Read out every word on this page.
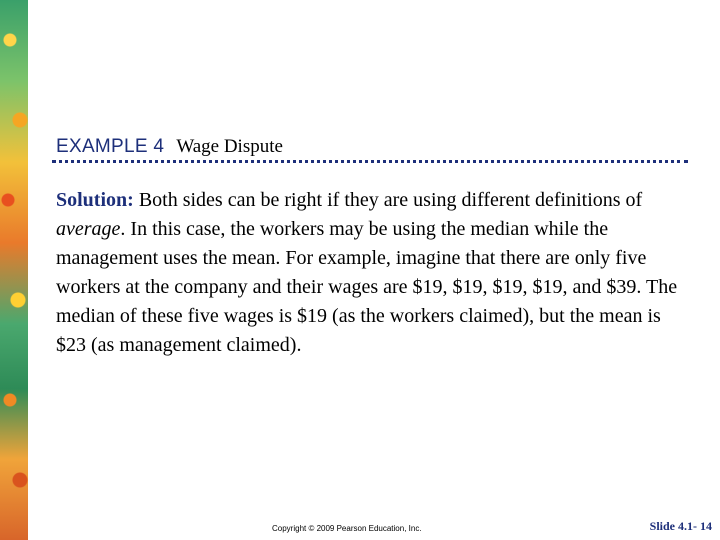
EXAMPLE 4 Wage Dispute
Solution: Both sides can be right if they are using different definitions of average. In this case, the workers may be using the median while the management uses the mean. For example, imagine that there are only five workers at the company and their wages are $19, $19, $19, $19, and $39. The median of these five wages is $19 (as the workers claimed), but the mean is $23 (as management claimed).
Copyright © 2009 Pearson Education, Inc.	Slide 4.1- 14
